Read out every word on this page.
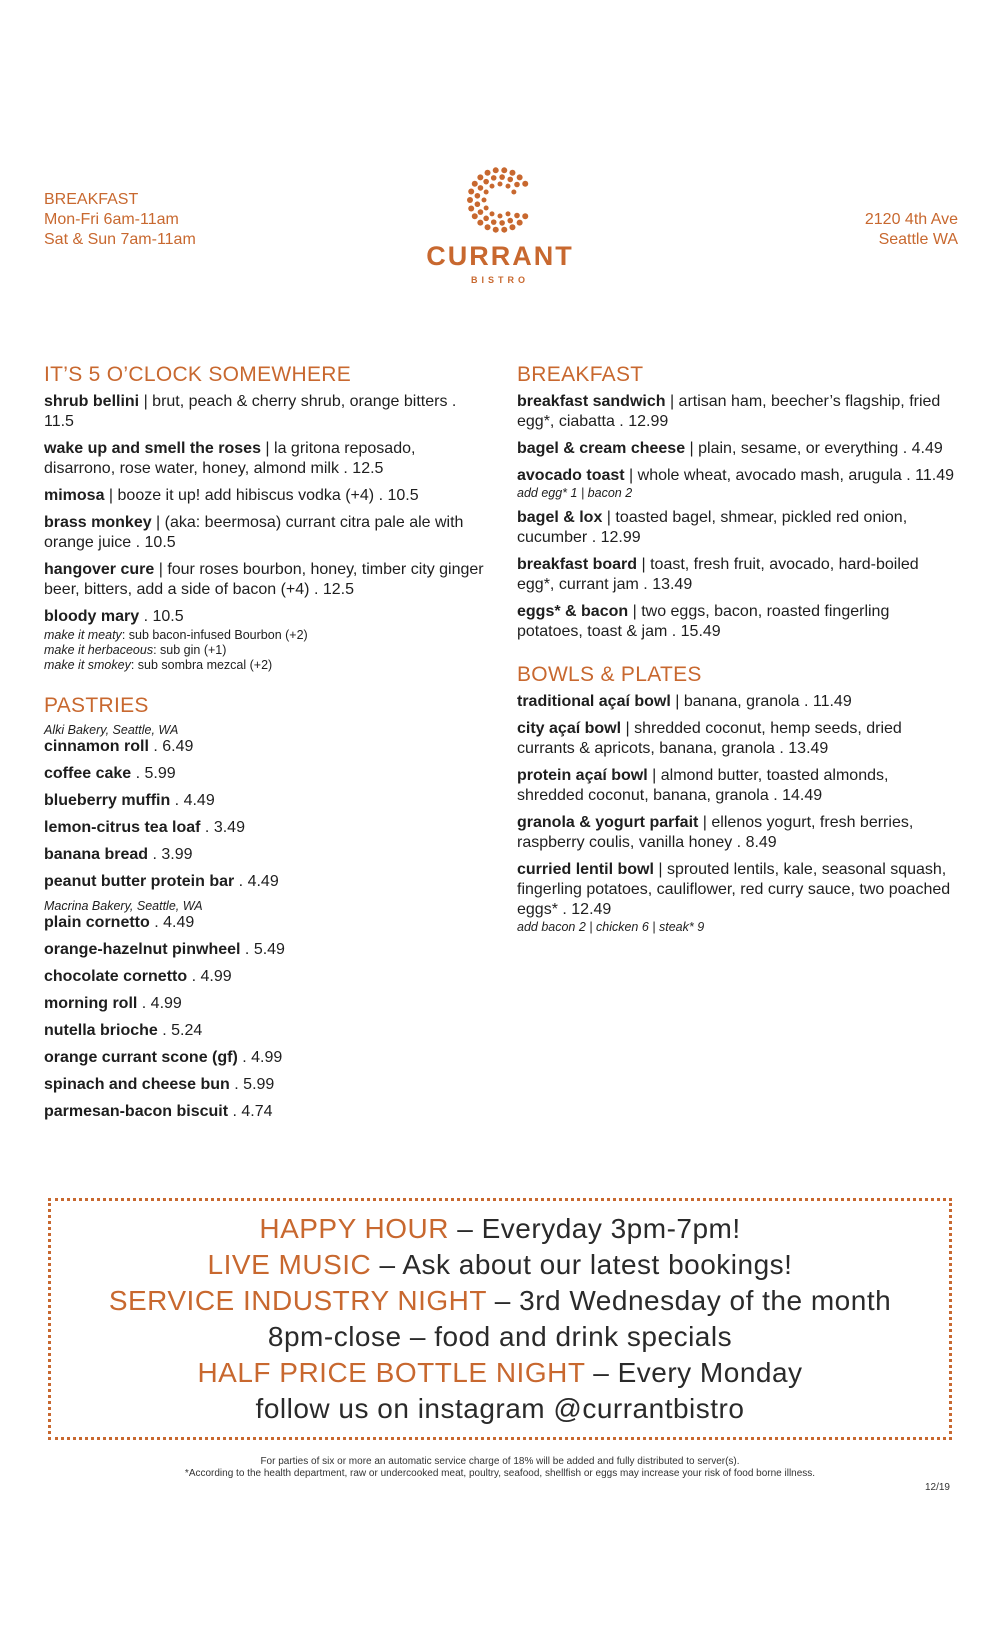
BREAKFAST
Mon-Fri 6am-11am
Sat & Sun 7am-11am
CURRANT
BISTRO
2120 4th Ave
Seattle WA
IT’S 5 O’CLOCK SOMEWHERE
shrub bellini | brut, peach & cherry shrub, orange bitters . 11.5
wake up and smell the roses | la gritona reposado, disarrono, rose water, honey, almond milk . 12.5
mimosa | booze it up! add hibiscus vodka (+4) . 10.5
brass monkey | (aka: beermosa) currant citra pale ale with orange juice . 10.5
hangover cure | four roses bourbon, honey, timber city ginger beer, bitters, add a side of bacon (+4) . 12.5
bloody mary . 10.5
make it meaty: sub bacon-infused Bourbon (+2)
make it herbaceous: sub gin (+1)
make it smokey: sub sombra mezcal (+2)
PASTRIES
Alki Bakery, Seattle, WA
cinnamon roll . 6.49
coffee cake . 5.99
blueberry muffin . 4.49
lemon-citrus tea loaf . 3.49
banana bread . 3.99
peanut butter protein bar . 4.49
Macrina Bakery, Seattle, WA
plain cornetto . 4.49
orange-hazelnut pinwheel . 5.49
chocolate cornetto . 4.99
morning roll . 4.99
nutella brioche . 5.24
orange currant scone (gf) . 4.99
spinach and cheese bun . 5.99
parmesan-bacon biscuit . 4.74
BREAKFAST
breakfast sandwich | artisan ham, beecher’s flagship, fried egg*, ciabatta . 12.99
bagel & cream cheese | plain, sesame, or everything . 4.49
avocado toast | whole wheat, avocado mash, arugula . 11.49
add egg* 1 | bacon 2
bagel & lox | toasted bagel, shmear, pickled red onion, cucumber . 12.99
breakfast board | toast, fresh fruit, avocado, hard-boiled egg*, currant jam . 13.49
eggs* & bacon | two eggs, bacon, roasted fingerling potatoes, toast & jam . 15.49
BOWLS & PLATES
traditional açaí bowl | banana, granola . 11.49
city açaí bowl | shredded coconut, hemp seeds, dried currants & apricots, banana, granola . 13.49
protein açaí bowl | almond butter, toasted almonds, shredded coconut, banana, granola . 14.49
granola & yogurt parfait | ellenos yogurt, fresh berries, raspberry coulis, vanilla honey . 8.49
curried lentil bowl | sprouted lentils, kale, seasonal squash, fingerling potatoes, cauliflower, red curry sauce, two poached eggs* . 12.49
add bacon 2 | chicken 6 | steak* 9
HAPPY HOUR – Everyday 3pm-7pm!
LIVE MUSIC – Ask about our latest bookings!
SERVICE INDUSTRY NIGHT – 3rd Wednesday of the month
8pm-close – food and drink specials
HALF PRICE BOTTLE NIGHT – Every Monday
follow us on instagram @currantbistro
For parties of six or more an automatic service charge of 18% will be added and fully distributed to server(s).
*According to the health department, raw or undercooked meat, poultry, seafood, shellfish or eggs may increase your risk of food borne illness.
12/19
